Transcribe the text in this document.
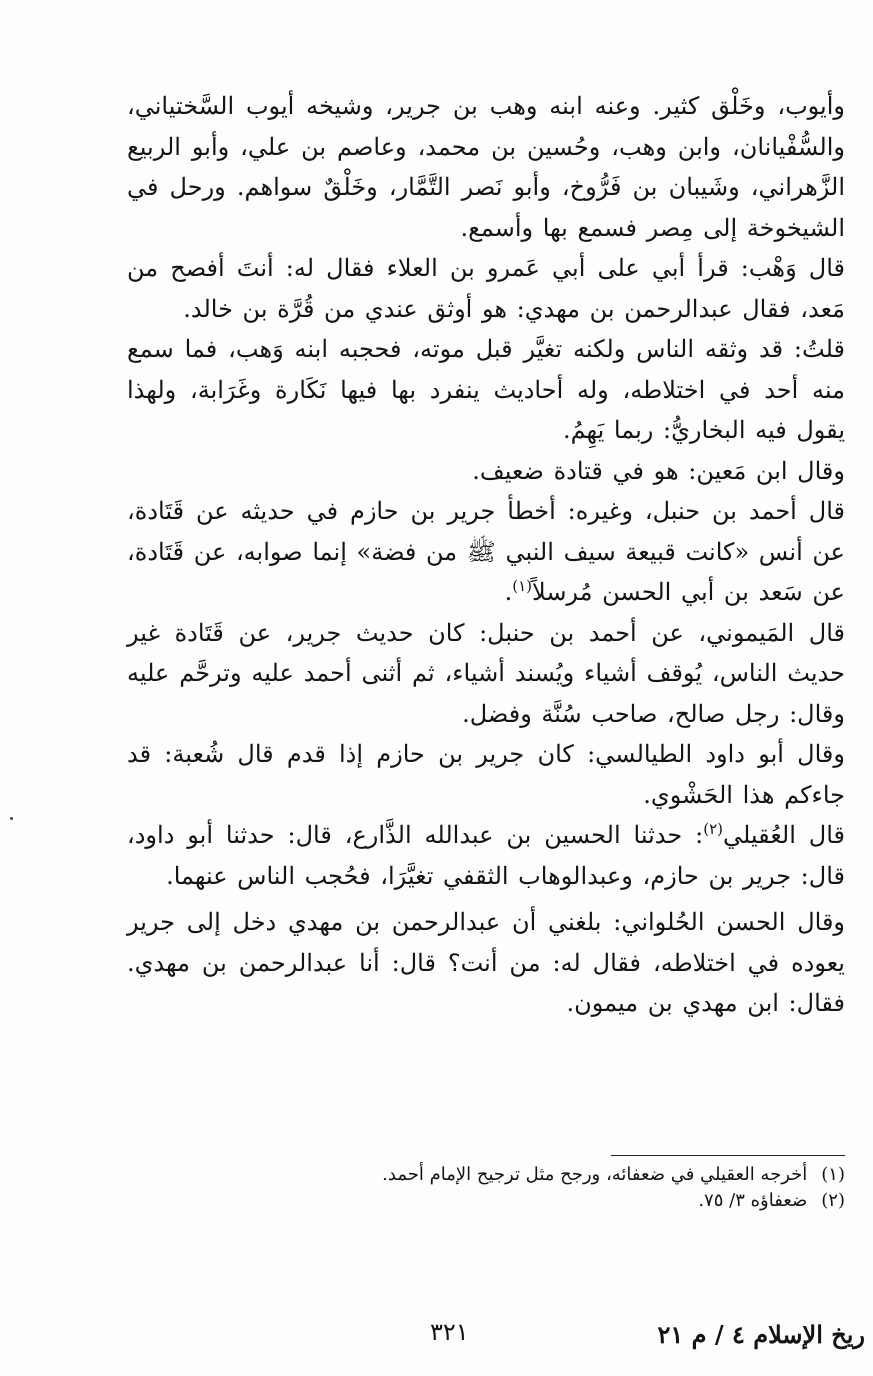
وأيوب، وخَلْق كثير. وعنه ابنه وهب بن جرير، وشيخه أيوب السَّختياني، والسُّفْيانان، وابن وهب، وحُسين بن محمد، وعاصم بن علي، وأبو الربيع الزَّهراني، وشَيبان بن فَرُّوخ، وأبو نَصر التَّمَّار، وخَلْقٌ سواهم. ورحل في الشيخوخة إلى مِصر فسمع بها وأسمع.

قال وَهْب: قرأ أبي على أبي عَمرو بن العلاء فقال له: أنتَ أفصح من مَعد، فقال عبدالرحمن بن مهدي: هو أوثق عندي من قُرَّة بن خالد.

قلتُ: قد وثقه الناس ولكنه تغيَّر قبل موته، فحجبه ابنه وَهب، فما سمع منه أحد في اختلاطه، وله أحاديث ينفرد بها فيها نَكَارة وغَرَابة، ولهذا يقول فيه البخاريُّ: ربما يَهِمُ.

وقال ابن مَعين: هو في قتادة ضعيف.

قال أحمد بن حنبل، وغيره: أخطأ جرير بن حازم في حديثه عن قَتَادة، عن أنس «كانت قبيعة سيف النبي ﷺ من فضة» إنما صوابه، عن قَتَادة، عن سَعد بن أبي الحسن مُرسلاً$^{(١)}$.

قال المَيموني، عن أحمد بن حنبل: كان حديث جرير، عن قَتَادة غير حديث الناس، يُوقف أشياء ويُسند أشياء، ثم أثنى أحمد عليه وترحَّم عليه وقال: رجل صالح، صاحب سُنَّة وفضل.

وقال أبو داود الطيالسي: كان جرير بن حازم إذا قدم قال شُعبة: قد جاءكم هذا الحَشْوي.

قال العُقيلي$^{(٢)}$: حدثنا الحسين بن عبدالله الذَّارع، قال: حدثنا أبو داود، قال: جرير بن حازم، وعبدالوهاب الثقفي تغيَّرَا، فحُجب الناس عنهما.

وقال الحسن الحُلواني: بلغني أن عبدالرحمن بن مهدي دخل إلى جرير يعوده في اختلاطه، فقال له: من أنت؟ قال: أنا عبدالرحمن بن مهدي. فقال: ابن مهدي بن ميمون.

(١)
أخرجه العقيلي في ضعفائه، ورجح مثل ترجيح الإمام أحمد.

(٢)
ضعفاؤه ٣/ ٧٥.

ريخ الإسلام ٤ / م ٢١
٣٢١
